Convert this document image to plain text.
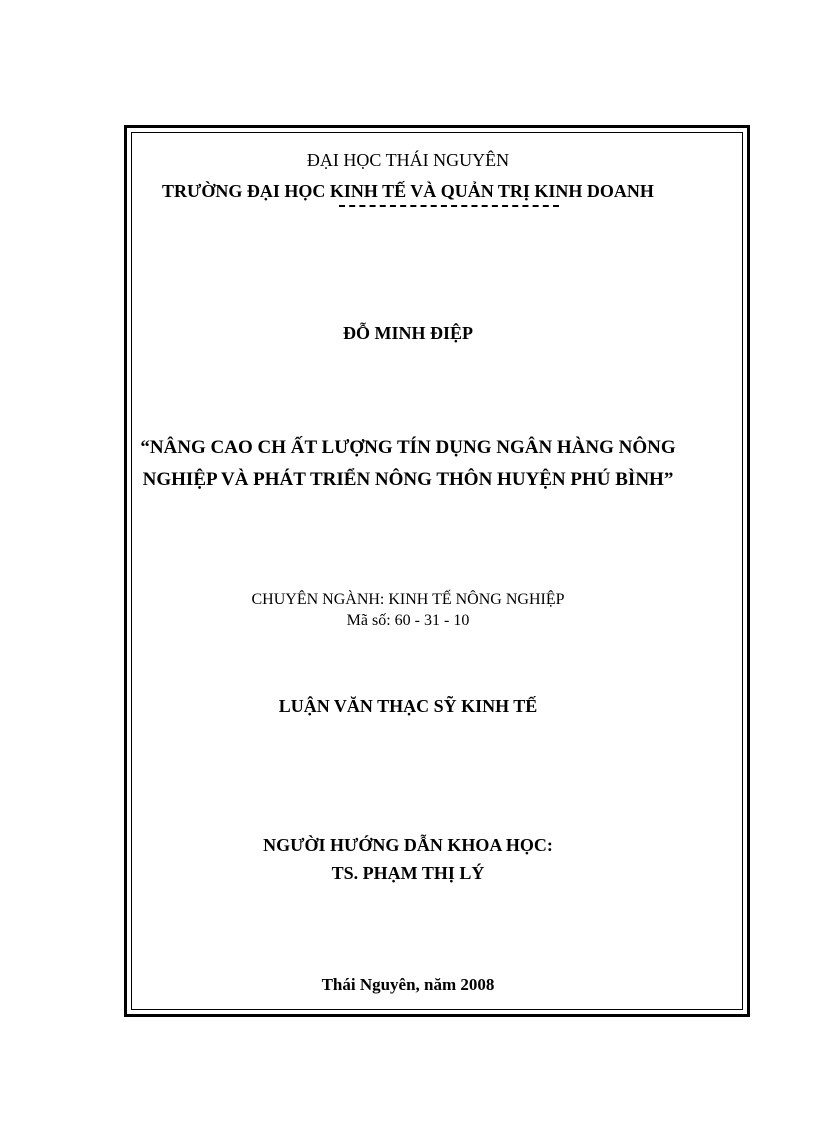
ĐẠI HỌC THÁI NGUYÊN
TRƯỜNG ĐẠI HỌC KINH TẾ VÀ QUẢN TRỊ KINH DOANH
ĐỖ MINH ĐIỆP
“NÂNG CAO CH ẤT LƯỢNG TÍN DỤNG NGÂN HÀNG NÔNG
NGHIỆP VÀ PHÁT TRIỂN NÔNG THÔN HUYỆN PHÚ BÌNH”
CHUYÊN NGÀNH: KINH TẾ NÔNG NGHIỆP
Mã số: 60 - 31 - 10
LUẬN VĂN THẠC SỸ KINH TẾ
NGƯỜI HƯỚNG DẪN KHOA HỌC:
TS. PHẠM THỊ LÝ
Thái Nguyên, năm 2008
